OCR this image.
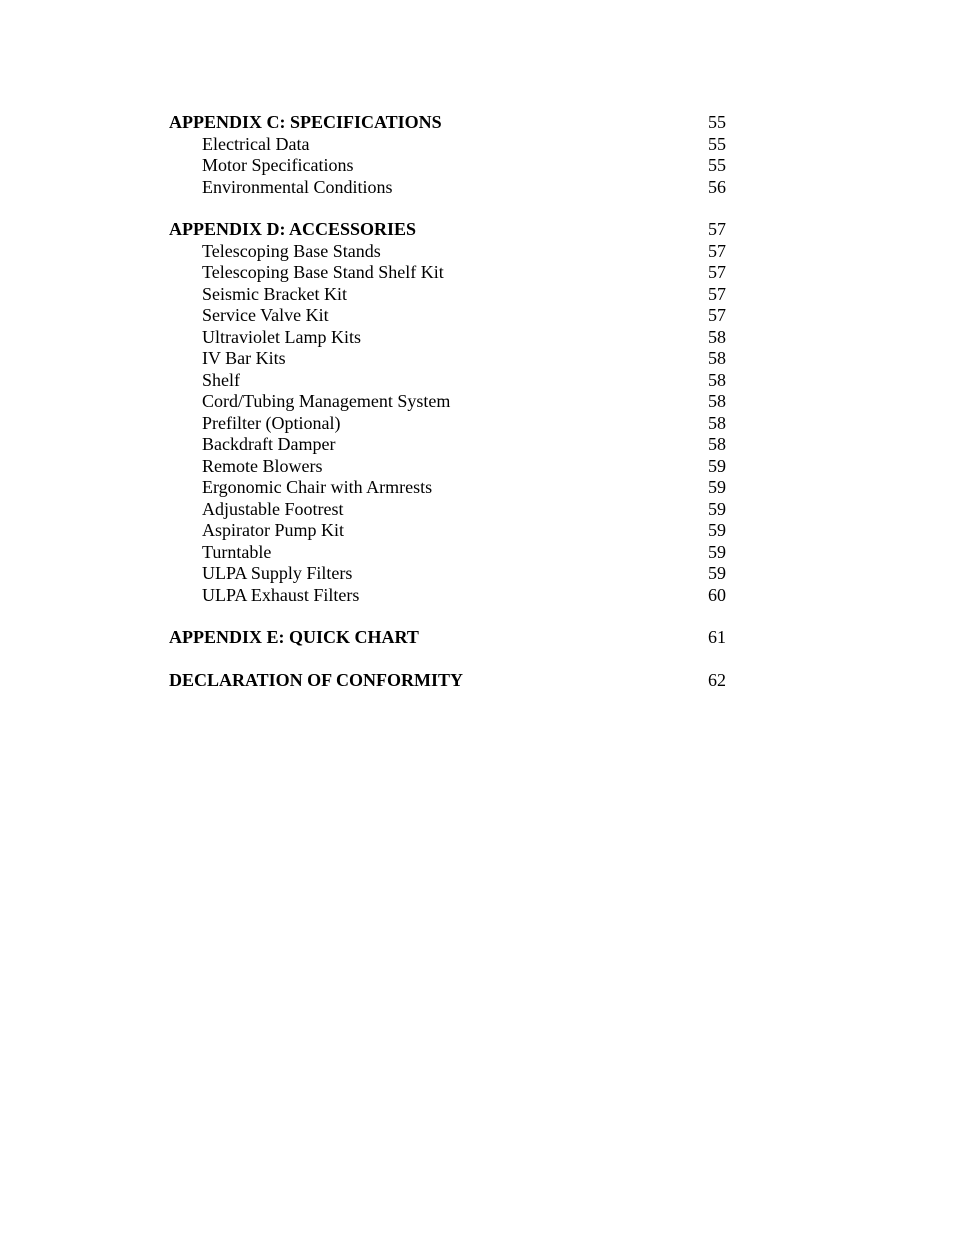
APPENDIX C: SPECIFICATIONS	55
Electrical Data	55
Motor Specifications	55
Environmental Conditions	56
APPENDIX D: ACCESSORIES	57
Telescoping Base Stands	57
Telescoping Base Stand Shelf Kit	57
Seismic Bracket Kit	57
Service Valve Kit	57
Ultraviolet Lamp Kits	58
IV Bar Kits	58
Shelf	58
Cord/Tubing Management System	58
Prefilter (Optional)	58
Backdraft Damper	58
Remote Blowers	59
Ergonomic Chair with Armrests	59
Adjustable Footrest	59
Aspirator Pump Kit	59
Turntable	59
ULPA Supply Filters	59
ULPA Exhaust Filters	60
APPENDIX E: QUICK CHART	61
DECLARATION OF CONFORMITY	62
